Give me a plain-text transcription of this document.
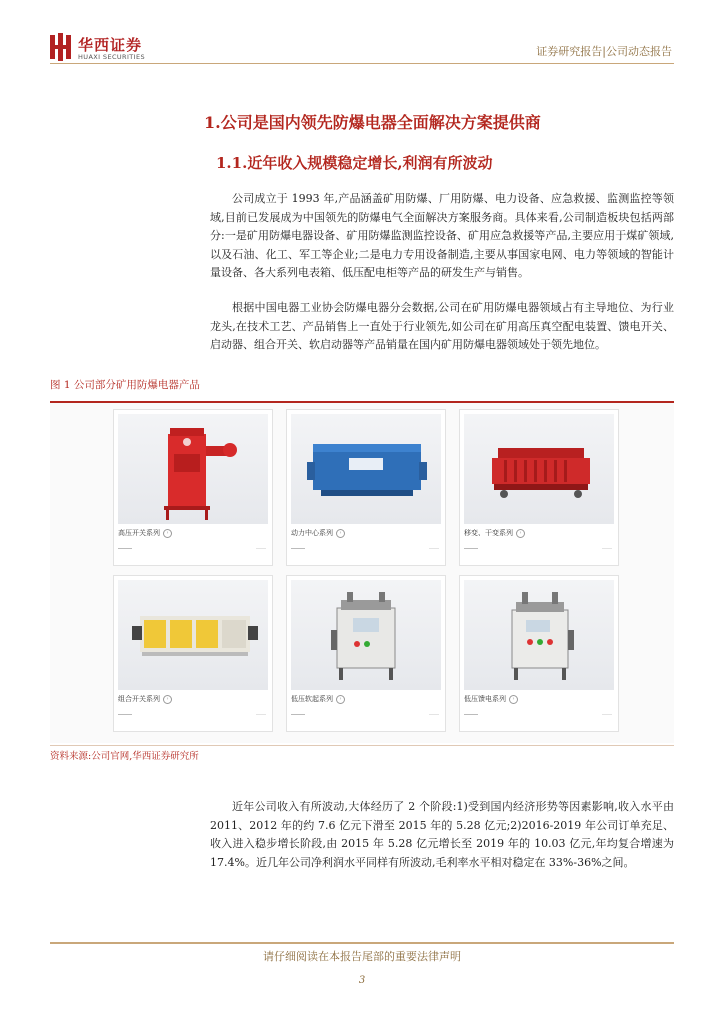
华西证券
HUAXI SECURITIES	证券研究报告|公司动态报告
1.公司是国内领先防爆电器全面解决方案提供商
1.1.近年收入规模稳定增长,利润有所波动

公司成立于 1993 年,产品涵盖矿用防爆、厂用防爆、电力设备、应急救援、监测监控等领域,目前已发展成为中国领先的防爆电气全面解决方案服务商。具体来看,公司制造板块包括两部分:一是矿用防爆电器设备、矿用防爆监测监控设备、矿用应急救援等产品,主要应用于煤矿领域,以及石油、化工、军工等企业;二是电力专用设备制造,主要从事国家电网、电力等领域的智能计量设备、各大系列电表箱、低压配电柜等产品的研发生产与销售。

根据中国电器工业协会防爆电器分会数据,公司在矿用防爆电器领域占有主导地位、为行业龙头,在技术工艺、产品销售上一直处于行业领先,如公司在矿用高压真空配电装置、馈电开关、启动器、组合开关、软启动器等产品销量在国内矿用防爆电器领域处于领先地位。

图 1 公司部分矿用防爆电器产品
高压开关系列 ›	动力中心系列 ›	移变、干变系列 ›
组合开关系列 ›	低压软起系列 ›	低压馈电系列 ›
资料来源:公司官网,华西证券研究所

近年公司收入有所波动,大体经历了 2 个阶段:1)受到国内经济形势等因素影响,收入水平由 2011、2012 年的约 7.6 亿元下滑至 2015 年的 5.28 亿元;2)2016-2019 年公司订单充足、收入进入稳步增长阶段,由 2015 年 5.28 亿元增长至 2019 年的 10.03 亿元,年均复合增速为 17.4%。近几年公司净利润水平同样有所波动,毛利率水平相对稳定在 33%-36%之间。

请仔细阅读在本报告尾部的重要法律声明
3
